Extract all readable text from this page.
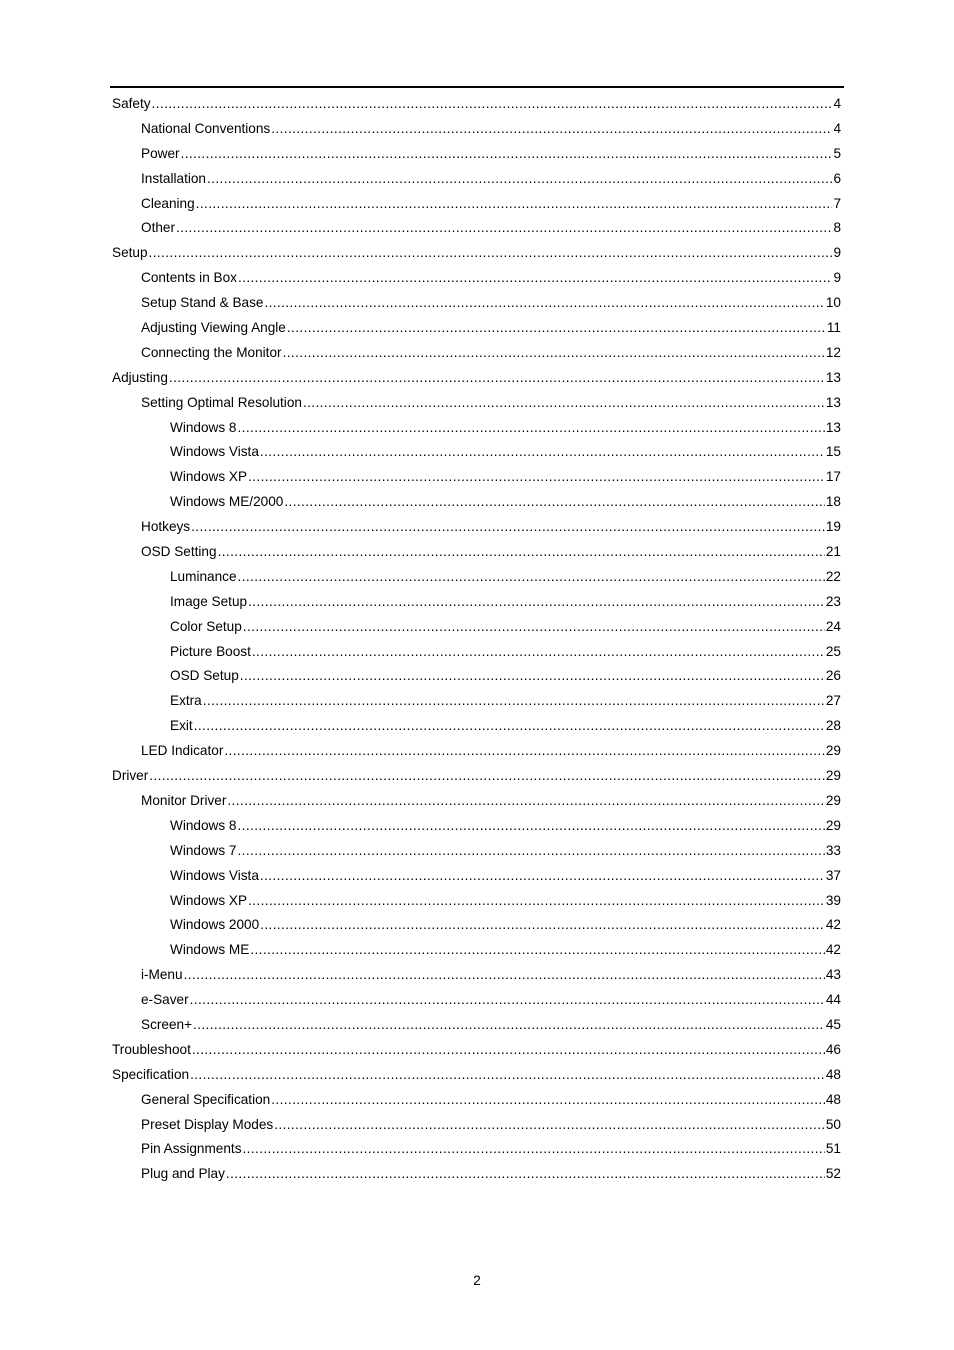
Safety .....	4
National Conventions .....	4
Power .....	5
Installation .....	6
Cleaning .....	7
Other .....	8
Setup .....	9
Contents in Box .....	9
Setup Stand & Base .....	10
Adjusting Viewing Angle .....	11
Connecting the Monitor .....	12
Adjusting .....	13
Setting Optimal Resolution .....	13
Windows 8 .....	13
Windows Vista .....	15
Windows XP .....	17
Windows ME/2000 .....	18
Hotkeys .....	19
OSD Setting .....	21
Luminance .....	22
Image Setup .....	23
Color Setup .....	24
Picture Boost .....	25
OSD Setup .....	26
Extra .....	27
Exit .....	28
LED Indicator .....	29
Driver .....	29
Monitor Driver .....	29
Windows 8 .....	29
Windows 7 .....	33
Windows Vista .....	37
Windows XP .....	39
Windows 2000 .....	42
Windows ME .....	42
i-Menu .....	43
e-Saver .....	44
Screen+ .....	45
Troubleshoot .....	46
Specification .....	48
General Specification .....	48
Preset Display Modes .....	50
Pin Assignments .....	51
Plug and Play .....	52
2
